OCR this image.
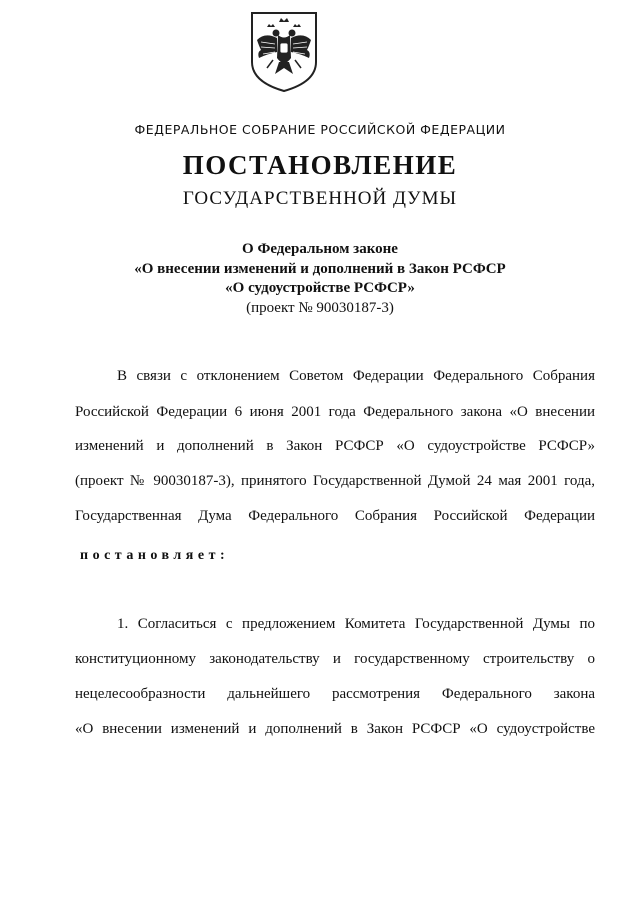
ФЕДЕРАЛЬНОЕ СОБРАНИЕ РОССИЙСКОЙ ФЕДЕРАЦИИ
ПОСТАНОВЛЕНИЕ
ГОСУДАРСТВЕННОЙ ДУМЫ
О Федеральном законе
«О внесении изменений и дополнений в Закон РСФСР
«О судоустройстве РСФСР»
(проект № 90030187-3)
В связи с отклонением Советом Федерации Федерального Собрания
Российской Федерации 6 июня 2001 года Федерального закона «О внесении
изменений и дополнений в Закон РСФСР «О судоустройстве РСФСР»
(проект № 90030187-3), принятого Государственной Думой 24 мая 2001 года,
Государственная Дума Федерального Собрания Российской Федерации
постановляет:
1. Согласиться с предложением Комитета Государственной Думы по
конституционному законодательству и государственному строительству о
нецелесообразности дальнейшего рассмотрения Федерального закона
«О внесении изменений и дополнений в Закон РСФСР «О судоустройстве
